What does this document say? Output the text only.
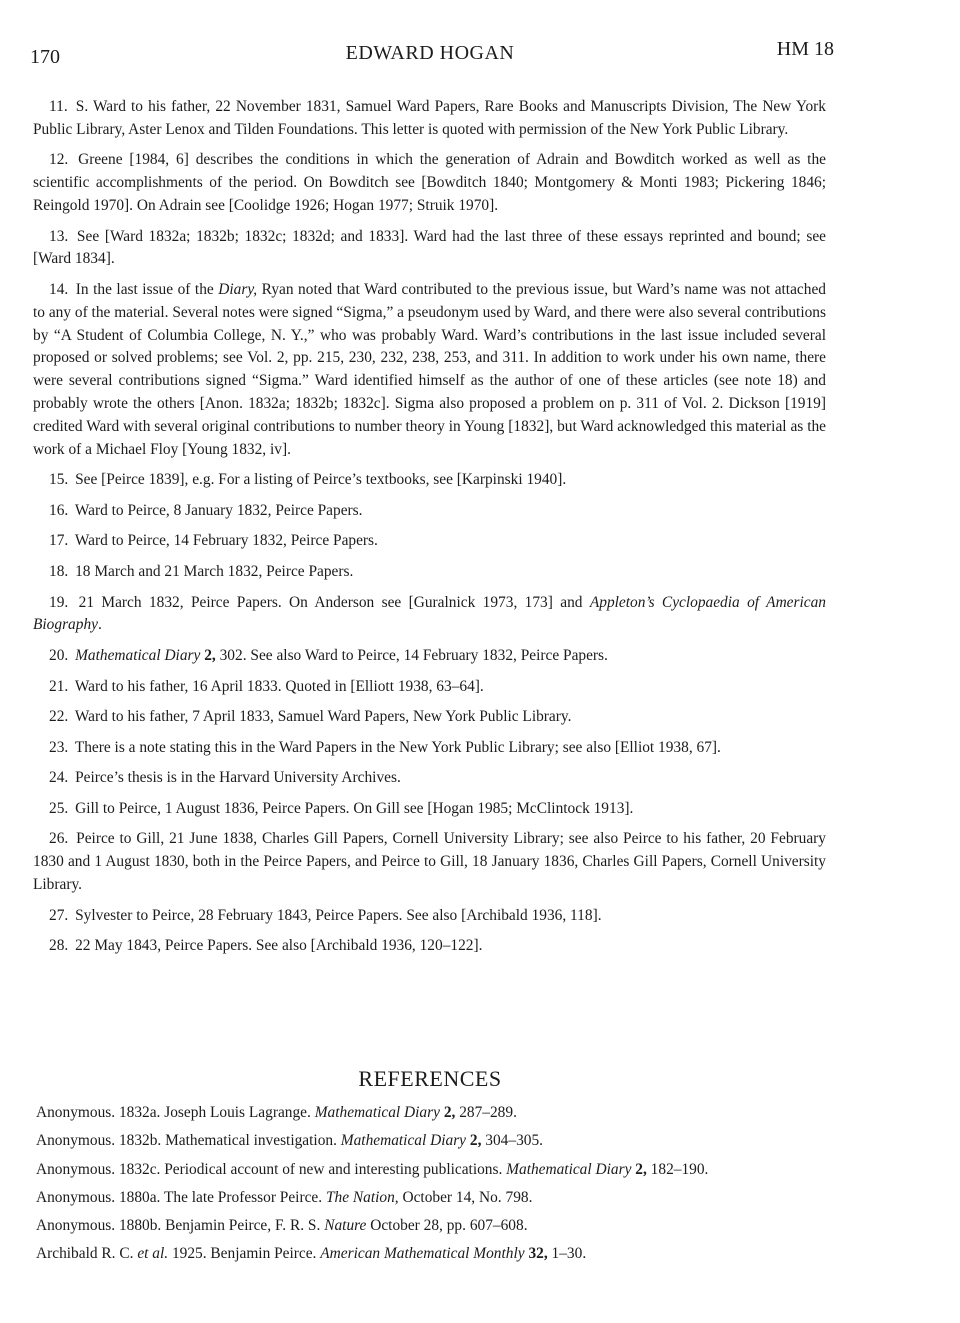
170	EDWARD HOGAN	HM 18

11. S. Ward to his father, 22 November 1831, Samuel Ward Papers, Rare Books and Manuscripts Division, The New York Public Library, Aster Lenox and Tilden Foundations. This letter is quoted with permission of the New York Public Library.

12. Greene [1984, 6] describes the conditions in which the generation of Adrain and Bowditch worked as well as the scientific accomplishments of the period. On Bowditch see [Bowditch 1840; Montgomery & Monti 1983; Pickering 1846; Reingold 1970]. On Adrain see [Coolidge 1926; Hogan 1977; Struik 1970].

13. See [Ward 1832a; 1832b; 1832c; 1832d; and 1833]. Ward had the last three of these essays reprinted and bound; see [Ward 1834].

14. In the last issue of the Diary, Ryan noted that Ward contributed to the previous issue, but Ward’s name was not attached to any of the material. Several notes were signed “Sigma,” a pseudonym used by Ward, and there were also several contributions by “A Student of Columbia College, N. Y.,” who was probably Ward. Ward’s contributions in the last issue included several proposed or solved problems; see Vol. 2, pp. 215, 230, 232, 238, 253, and 311. In addition to work under his own name, there were several contributions signed “Sigma.” Ward identified himself as the author of one of these articles (see note 18) and probably wrote the others [Anon. 1832a; 1832b; 1832c]. Sigma also proposed a problem on p. 311 of Vol. 2. Dickson [1919] credited Ward with several original contributions to number theory in Young [1832], but Ward acknowledged this material as the work of a Michael Floy [Young 1832, iv].

15. See [Peirce 1839], e.g. For a listing of Peirce’s textbooks, see [Karpinski 1940].

16. Ward to Peirce, 8 January 1832, Peirce Papers.

17. Ward to Peirce, 14 February 1832, Peirce Papers.

18. 18 March and 21 March 1832, Peirce Papers.

19. 21 March 1832, Peirce Papers. On Anderson see [Guralnick 1973, 173] and Appleton’s Cyclopaedia of American Biography.

20. Mathematical Diary 2, 302. See also Ward to Peirce, 14 February 1832, Peirce Papers.

21. Ward to his father, 16 April 1833. Quoted in [Elliott 1938, 63–64].

22. Ward to his father, 7 April 1833, Samuel Ward Papers, New York Public Library.

23. There is a note stating this in the Ward Papers in the New York Public Library; see also [Elliot 1938, 67].

24. Peirce’s thesis is in the Harvard University Archives.

25. Gill to Peirce, 1 August 1836, Peirce Papers. On Gill see [Hogan 1985; McClintock 1913].

26. Peirce to Gill, 21 June 1838, Charles Gill Papers, Cornell University Library; see also Peirce to his father, 20 February 1830 and 1 August 1830, both in the Peirce Papers, and Peirce to Gill, 18 January 1836, Charles Gill Papers, Cornell University Library.

27. Sylvester to Peirce, 28 February 1843, Peirce Papers. See also [Archibald 1936, 118].

28. 22 May 1843, Peirce Papers. See also [Archibald 1936, 120–122].

REFERENCES

Anonymous. 1832a. Joseph Louis Lagrange. Mathematical Diary 2, 287–289.

Anonymous. 1832b. Mathematical investigation. Mathematical Diary 2, 304–305.

Anonymous. 1832c. Periodical account of new and interesting publications. Mathematical Diary 2, 182–190.

Anonymous. 1880a. The late Professor Peirce. The Nation, October 14, No. 798.

Anonymous. 1880b. Benjamin Peirce, F. R. S. Nature October 28, pp. 607–608.

Archibald R. C. et al. 1925. Benjamin Peirce. American Mathematical Monthly 32, 1–30.
